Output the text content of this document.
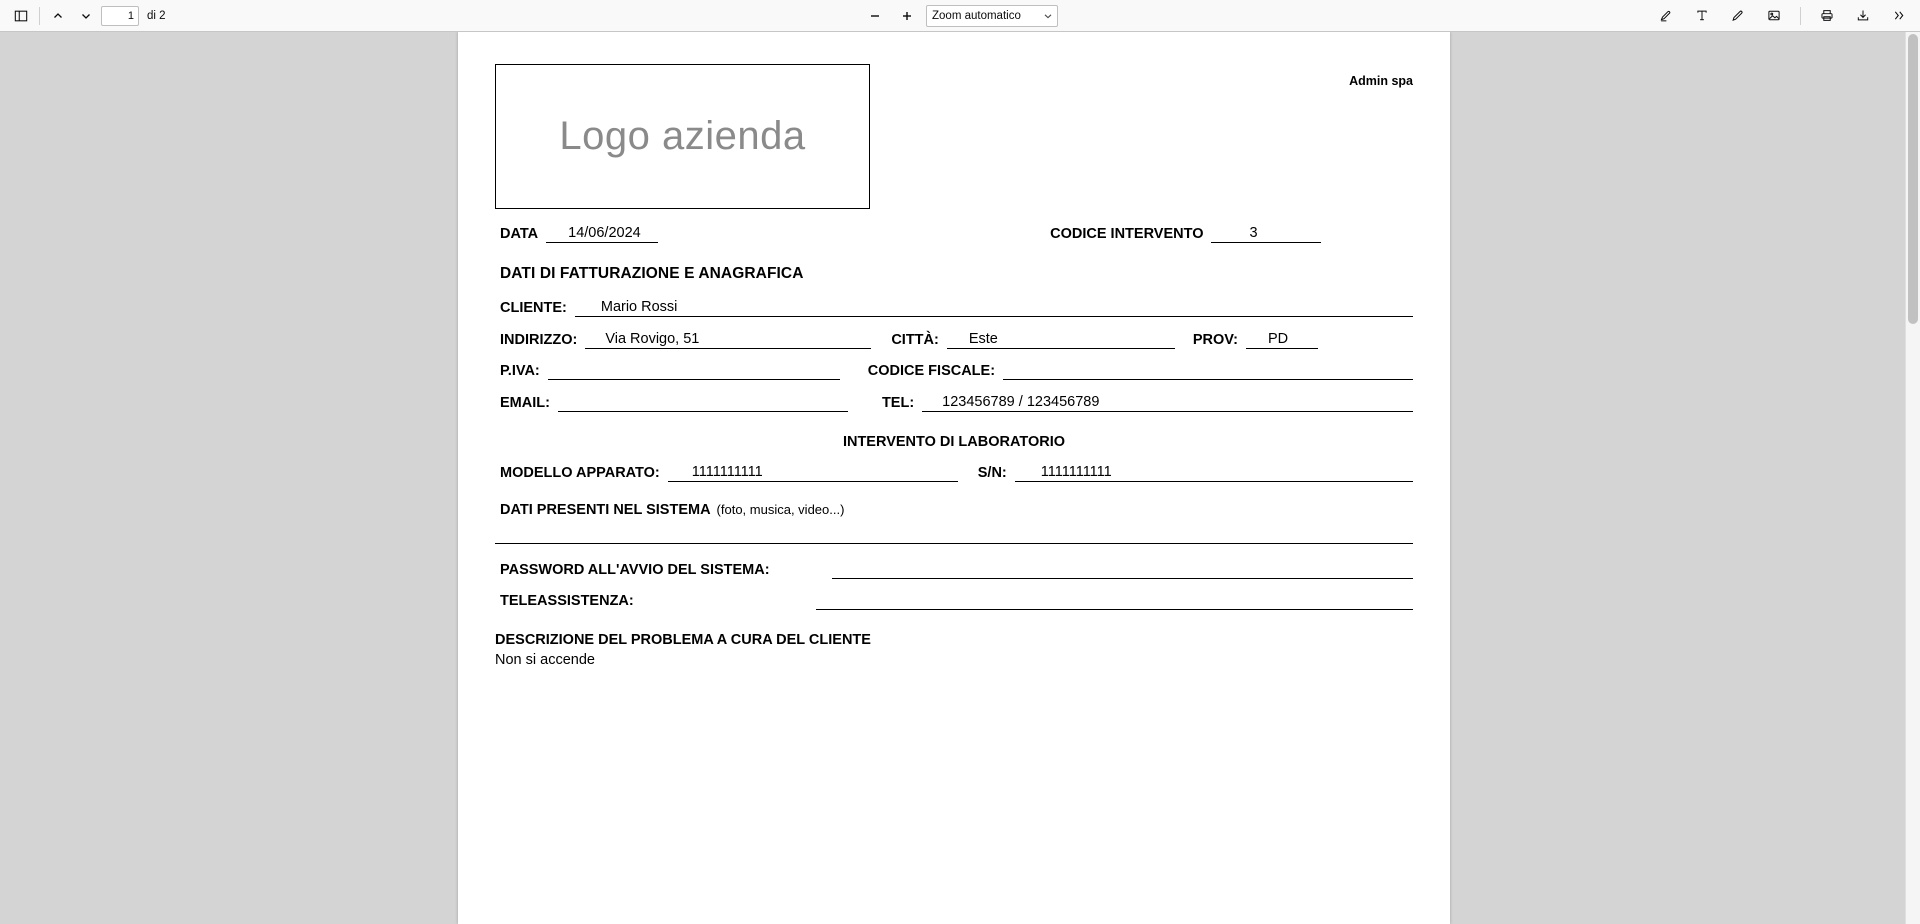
1
di 2
Zoom automatico
Admin spa
Logo azienda
DATA	14/06/2024	CODICE INTERVENTO	3
DATI DI FATTURAZIONE E ANAGRAFICA
CLIENTE:	Mario Rossi
INDIRIZZO:	Via Rovigo, 51	CITTÀ:	Este	PROV:	PD
P.IVA:	CODICE FISCALE:
EMAIL:	TEL:	123456789 / 123456789
INTERVENTO DI LABORATORIO
MODELLO APPARATO:	1111111111	S/N:	1111111111
DATI PRESENTI NEL SISTEMA (foto, musica, video...)
PASSWORD ALL'AVVIO DEL SISTEMA:
TELEASSISTENZA:
DESCRIZIONE DEL PROBLEMA A CURA DEL CLIENTE
Non si accende
